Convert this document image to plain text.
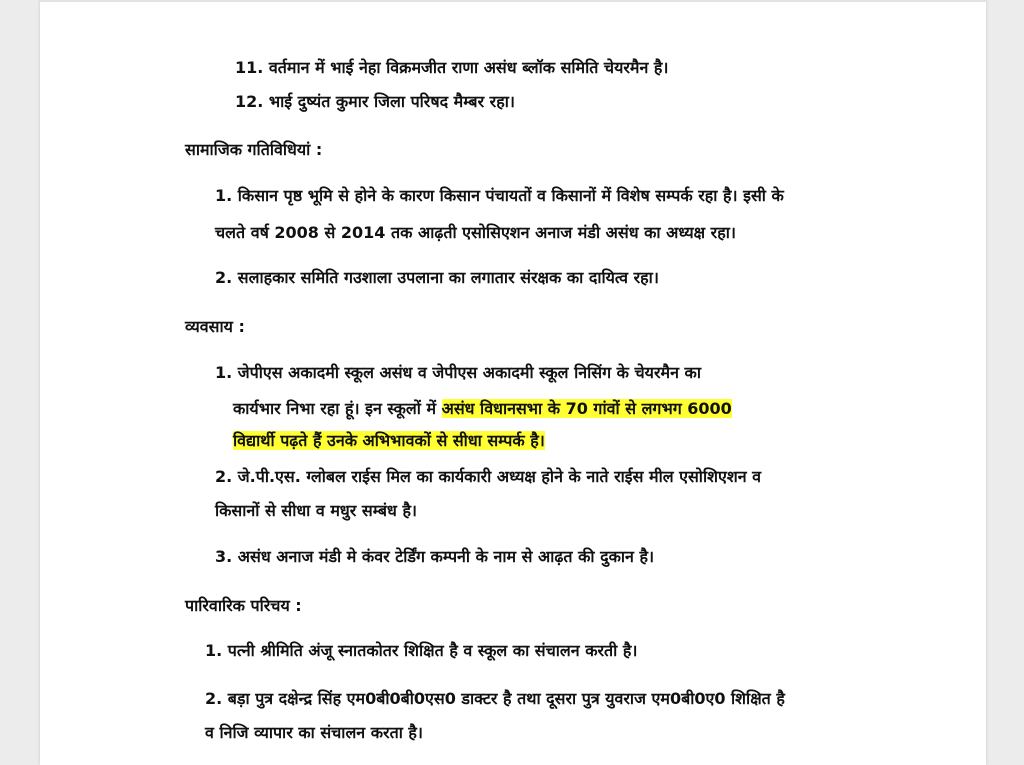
11. वर्तमान में भाई नेहा विक्रमजीत राणा असंध ब्लॉक समिति चेयरमैन है।
12. भाई दुष्यंत कुमार जिला परिषद मैम्बर रहा।
सामाजिक गतिविधियां :
1. किसान पृष्ठ भूमि से होने के कारण किसान पंचायतों व किसानों में विशेष सम्पर्क रहा है। इसी के
चलते वर्ष 2008 से 2014 तक आढ़ती एसोसिएशन अनाज मंडी असंध का अध्यक्ष रहा।
2. सलाहकार समिति गउशाला उपलाना का लगातार संरक्षक का दायित्व रहा।
व्यवसाय :
1. जेपीएस अकादमी स्कूल असंध व जेपीएस अकादमी स्कूल निसिंग के चेयरमैन का
कार्यभार निभा रहा हूं। इन स्कूलों में असंध विधानसभा के 70 गांवों से लगभग 6000
विद्यार्थी पढ़ते हैं उनके अभिभावकों से सीधा सम्पर्क है।
2. जे.पी.एस. ग्लोबल राईस मिल का कार्यकारी अध्यक्ष होने के नाते राईस मील एसोशिएशन व
किसानों से सीधा व मधुर सम्बंध है।
3. असंध अनाज मंडी मे कंवर टेर्डिंग कम्पनी के नाम से आढ़त की दुकान है।
पारिवारिक परिचय :
1. पत्नी श्रीमिति अंजू स्नातकोतर शिक्षित है व स्कूल का संचालन करती है।
2. बड़ा पुत्र दक्षेन्द्र सिंह एम0बी0बी0एस0 डाक्टर है तथा दूसरा पुत्र युवराज एम0बी0ए0 शिक्षित है
व निजि व्यापार का संचालन करता है।
